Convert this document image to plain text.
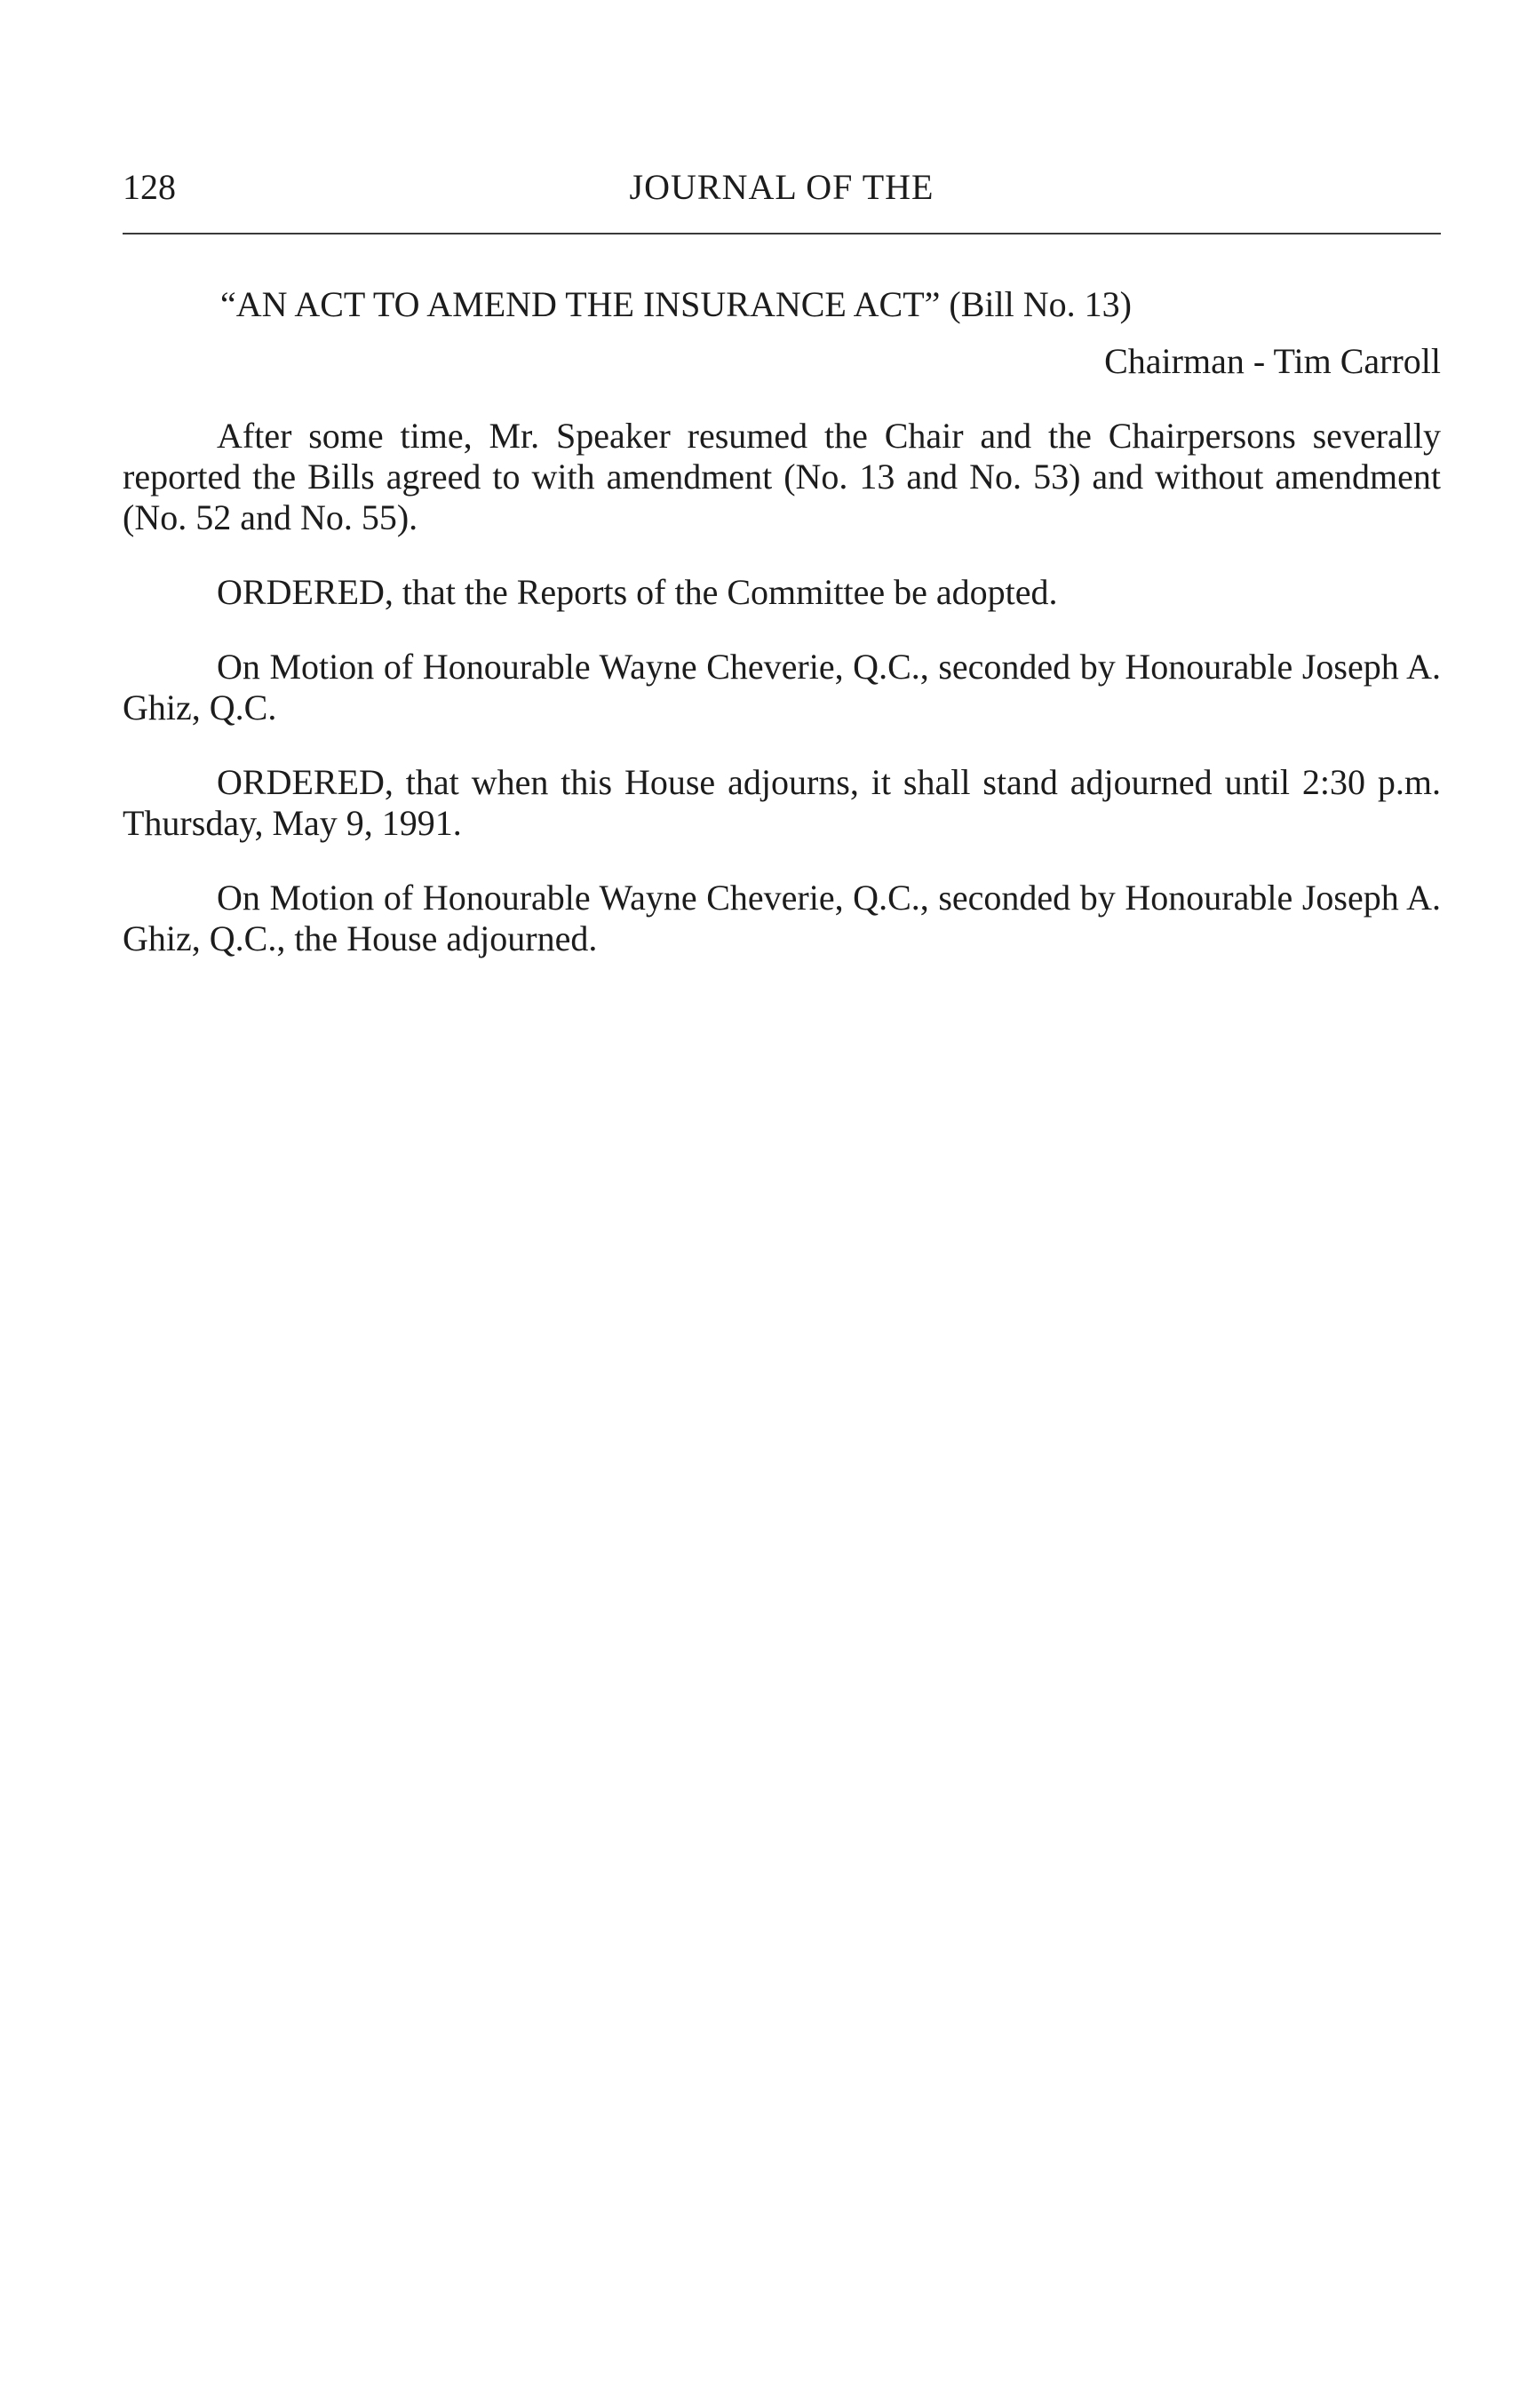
128	JOURNAL OF THE

“AN ACT TO AMEND THE INSURANCE ACT” (Bill No. 13)

Chairman - Tim Carroll

After some time, Mr. Speaker resumed the Chair and the Chairpersons severally reported the Bills agreed to with amendment (No. 13 and No. 53) and without amendment (No. 52 and No. 55).

ORDERED, that the Reports of the Committee be adopted.

On Motion of Honourable Wayne Cheverie, Q.C., seconded by Honourable Joseph A. Ghiz, Q.C.

ORDERED, that when this House adjourns, it shall stand adjourned until 2:30 p.m. Thursday, May 9, 1991.

On Motion of Honourable Wayne Cheverie, Q.C., seconded by Honourable Joseph A. Ghiz, Q.C., the House adjourned.
